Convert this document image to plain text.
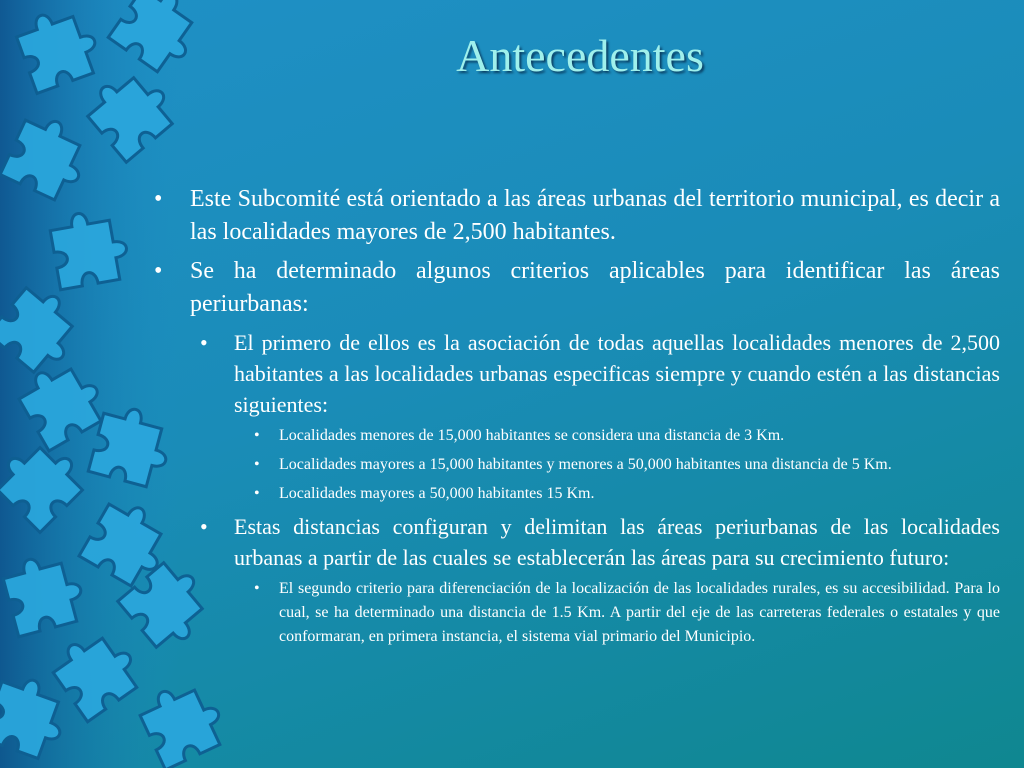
Antecedentes
• Este Subcomité está orientado a las áreas urbanas del territorio municipal, es decir a las localidades mayores de 2,500 habitantes.
• Se ha determinado algunos criterios aplicables para identificar las áreas periurbanas:
• El primero de ellos es la asociación de todas aquellas localidades menores de 2,500 habitantes a las localidades urbanas especificas siempre y cuando estén a las distancias siguientes:
• Localidades menores de 15,000 habitantes se considera una distancia de 3 Km.
• Localidades mayores a 15,000 habitantes y menores a 50,000 habitantes una distancia de 5 Km.
• Localidades mayores a 50,000 habitantes 15 Km.
• Estas distancias configuran y delimitan las áreas periurbanas de las localidades urbanas a partir de las cuales se establecerán las áreas para su crecimiento futuro:
• El segundo criterio para diferenciación de la localización de las localidades rurales, es su accesibilidad. Para lo cual, se ha determinado una distancia de 1.5 Km. A partir del eje de las carreteras federales o estatales y que conformaran, en primera instancia, el sistema vial primario del Municipio.
